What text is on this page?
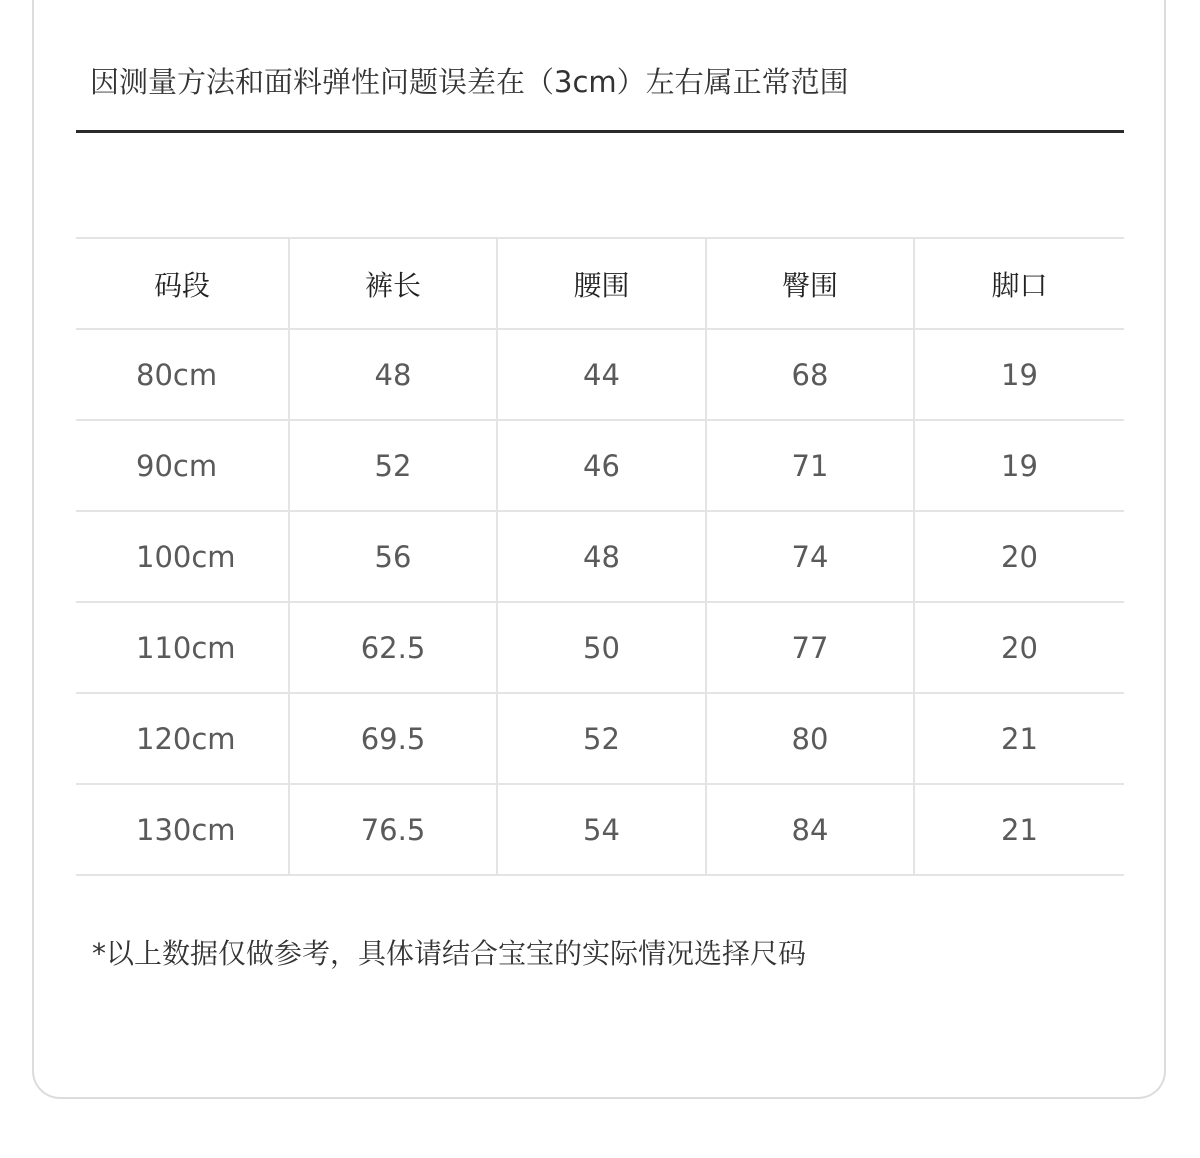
因测量方法和面料弹性问题误差在（3cm）左右属正常范围
码段	裤长	腰围	臀围	脚口
80cm	48	44	68	19
90cm	52	46	71	19
100cm	56	48	74	20
110cm	62.5	50	77	20
120cm	69.5	52	80	21
130cm	76.5	54	84	21
*以上数据仅做参考，具体请结合宝宝的实际情况选择尺码
